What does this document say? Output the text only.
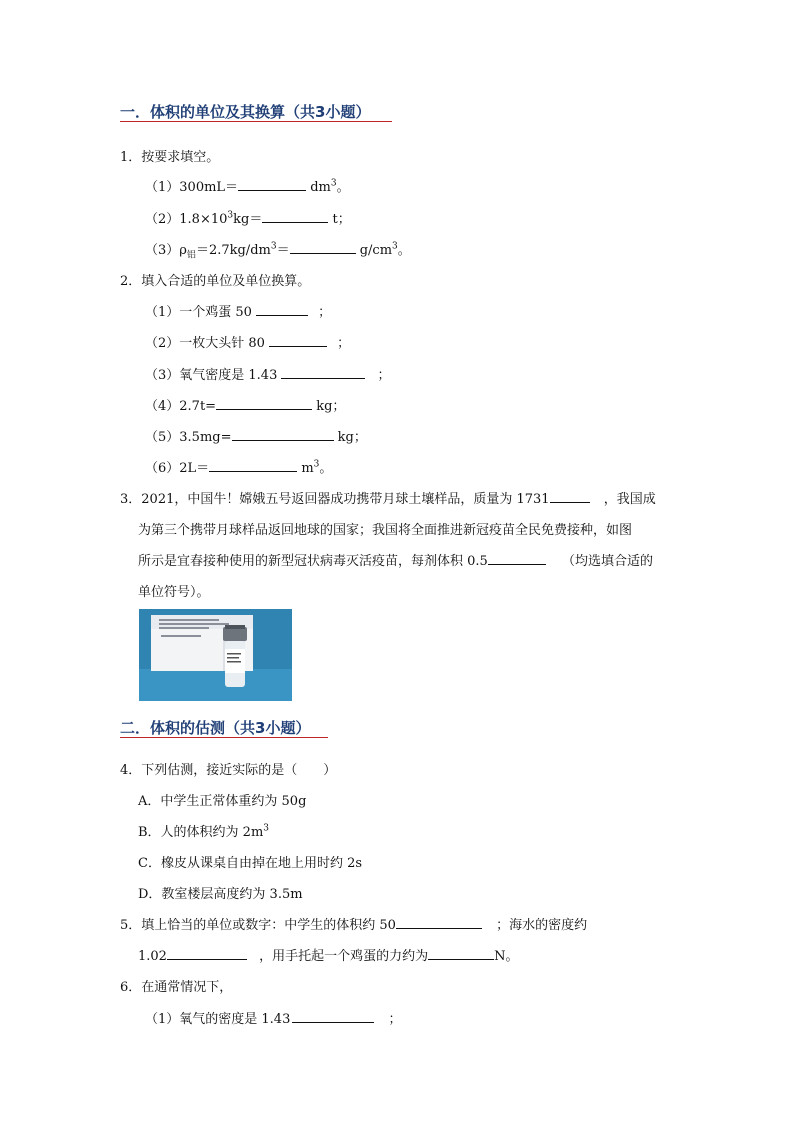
一．体积的单位及其换算（共3小题）
1．按要求填空。
（1）300mL＝	$dm^3$。
$(2)1.8\times 10^3kg=$	t；
$(3)\rho_铝=2.7kg/dm^3=$	$g/cm^3$。
2．填入合适的单位及单位换算。
（1）一个鸡蛋 50	；
（2）一枚大头针 80	；
（3）氧气密度是 1.43	；
（4）2.7t=	kg；
（5）3.5mg=	kg；
（6）2L＝	$m^3$。
3．2021，中国牛！嫦娥五号返回器成功携带月球土壤样品，质量为 1731	，我国成
为第三个携带月球样品返回地球的国家；我国将全面推进新冠疫苗全民免费接种，如图
所示是宜春接种使用的新型冠状病毒灭活疫苗，每剂体积 0.5	（均选填合适的
单位符号）。
二．体积的估测（共3小题）
4．下列估测，接近实际的是（　　）
A．中学生正常体重约为 50g
B．人的体积约为 $2m^3$
C．橡皮从课桌自由掉在地上用时约 2s
D．教室楼层高度约为 3.5m
5．填上恰当的单位或数字：中学生的体积约 50	；海水的密度约
1.02	，用手托起一个鸡蛋的力约为	N。
6．在通常情况下，
（1）氧气的密度是 1.43	；
